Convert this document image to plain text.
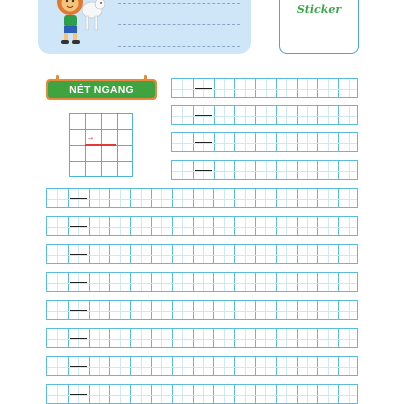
Sticker
NÉT NGANG
→
